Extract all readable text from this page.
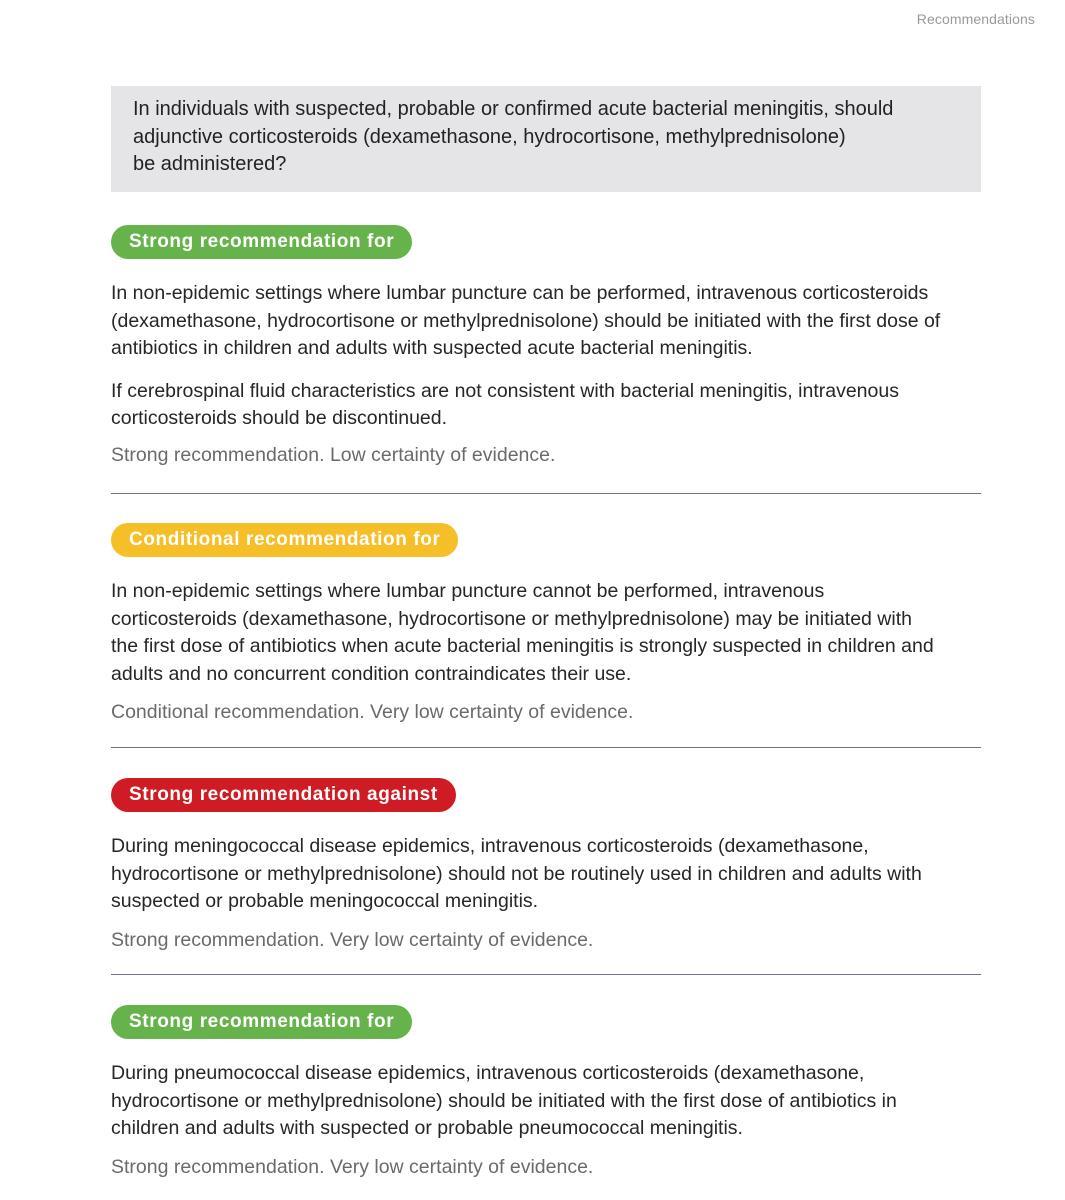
Recommendations
In individuals with suspected, probable or confirmed acute bacterial meningitis, should
adjunctive corticosteroids (dexamethasone, hydrocortisone, methylprednisolone)
be administered?
Strong recommendation for

In non-epidemic settings where lumbar puncture can be performed, intravenous corticosteroids
(dexamethasone, hydrocortisone or methylprednisolone) should be initiated with the first dose of
antibiotics in children and adults with suspected acute bacterial meningitis.

If cerebrospinal fluid characteristics are not consistent with bacterial meningitis, intravenous
corticosteroids should be discontinued.

Strong recommendation. Low certainty of evidence.
Conditional recommendation for

In non-epidemic settings where lumbar puncture cannot be performed, intravenous
corticosteroids (dexamethasone, hydrocortisone or methylprednisolone) may be initiated with
the first dose of antibiotics when acute bacterial meningitis is strongly suspected in children and
adults and no concurrent condition contraindicates their use.

Conditional recommendation. Very low certainty of evidence.
Strong recommendation against

During meningococcal disease epidemics, intravenous corticosteroids (dexamethasone,
hydrocortisone or methylprednisolone) should not be routinely used in children and adults with
suspected or probable meningococcal meningitis.

Strong recommendation. Very low certainty of evidence.
Strong recommendation for

During pneumococcal disease epidemics, intravenous corticosteroids (dexamethasone,
hydrocortisone or methylprednisolone) should be initiated with the first dose of antibiotics in
children and adults with suspected or probable pneumococcal meningitis.

Strong recommendation. Very low certainty of evidence.
